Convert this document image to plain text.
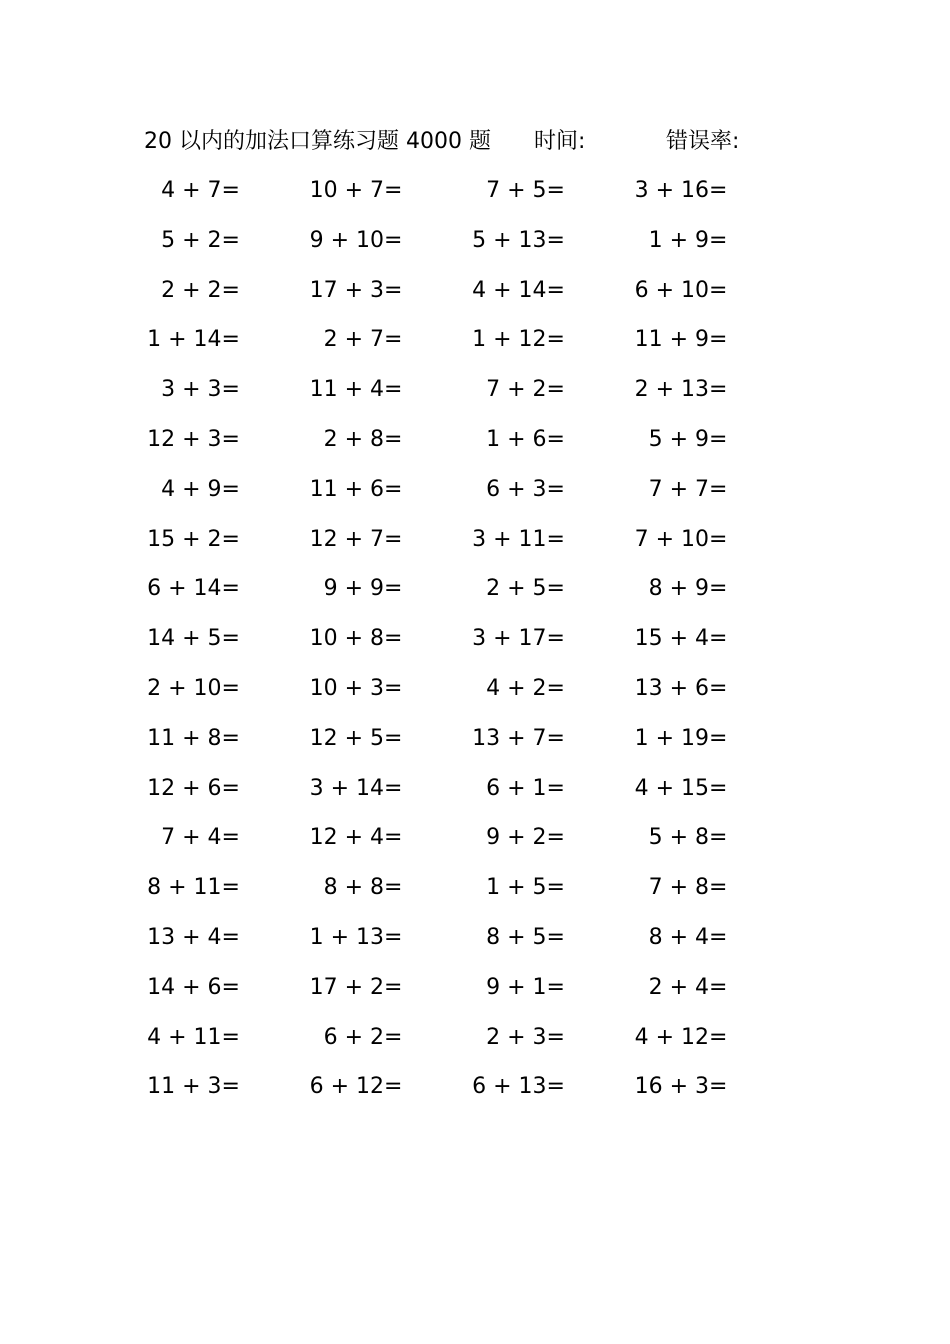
20 以内的加法口算练习题 4000 题 时间:	错误率:
4 + 7=	10 + 7=	7 + 5=	3 + 16=
5 + 2=	9 + 10=	5 + 13=	1 + 9=
2 + 2=	17 + 3=	4 + 14=	6 + 10=
1 + 14=	2 + 7=	1 + 12=	11 + 9=
3 + 3=	11 + 4=	7 + 2=	2 + 13=
12 + 3=	2 + 8=	1 + 6=	5 + 9=
4 + 9=	11 + 6=	6 + 3=	7 + 7=
15 + 2=	12 + 7=	3 + 11=	7 + 10=
6 + 14=	9 + 9=	2 + 5=	8 + 9=
14 + 5=	10 + 8=	3 + 17=	15 + 4=
2 + 10=	10 + 3=	4 + 2=	13 + 6=
11 + 8=	12 + 5=	13 + 7=	1 + 19=
12 + 6=	3 + 14=	6 + 1=	4 + 15=
7 + 4=	12 + 4=	9 + 2=	5 + 8=
8 + 11=	8 + 8=	1 + 5=	7 + 8=
13 + 4=	1 + 13=	8 + 5=	8 + 4=
14 + 6=	17 + 2=	9 + 1=	2 + 4=
4 + 11=	6 + 2=	2 + 3=	4 + 12=
11 + 3=	6 + 12=	6 + 13=	16 + 3=
